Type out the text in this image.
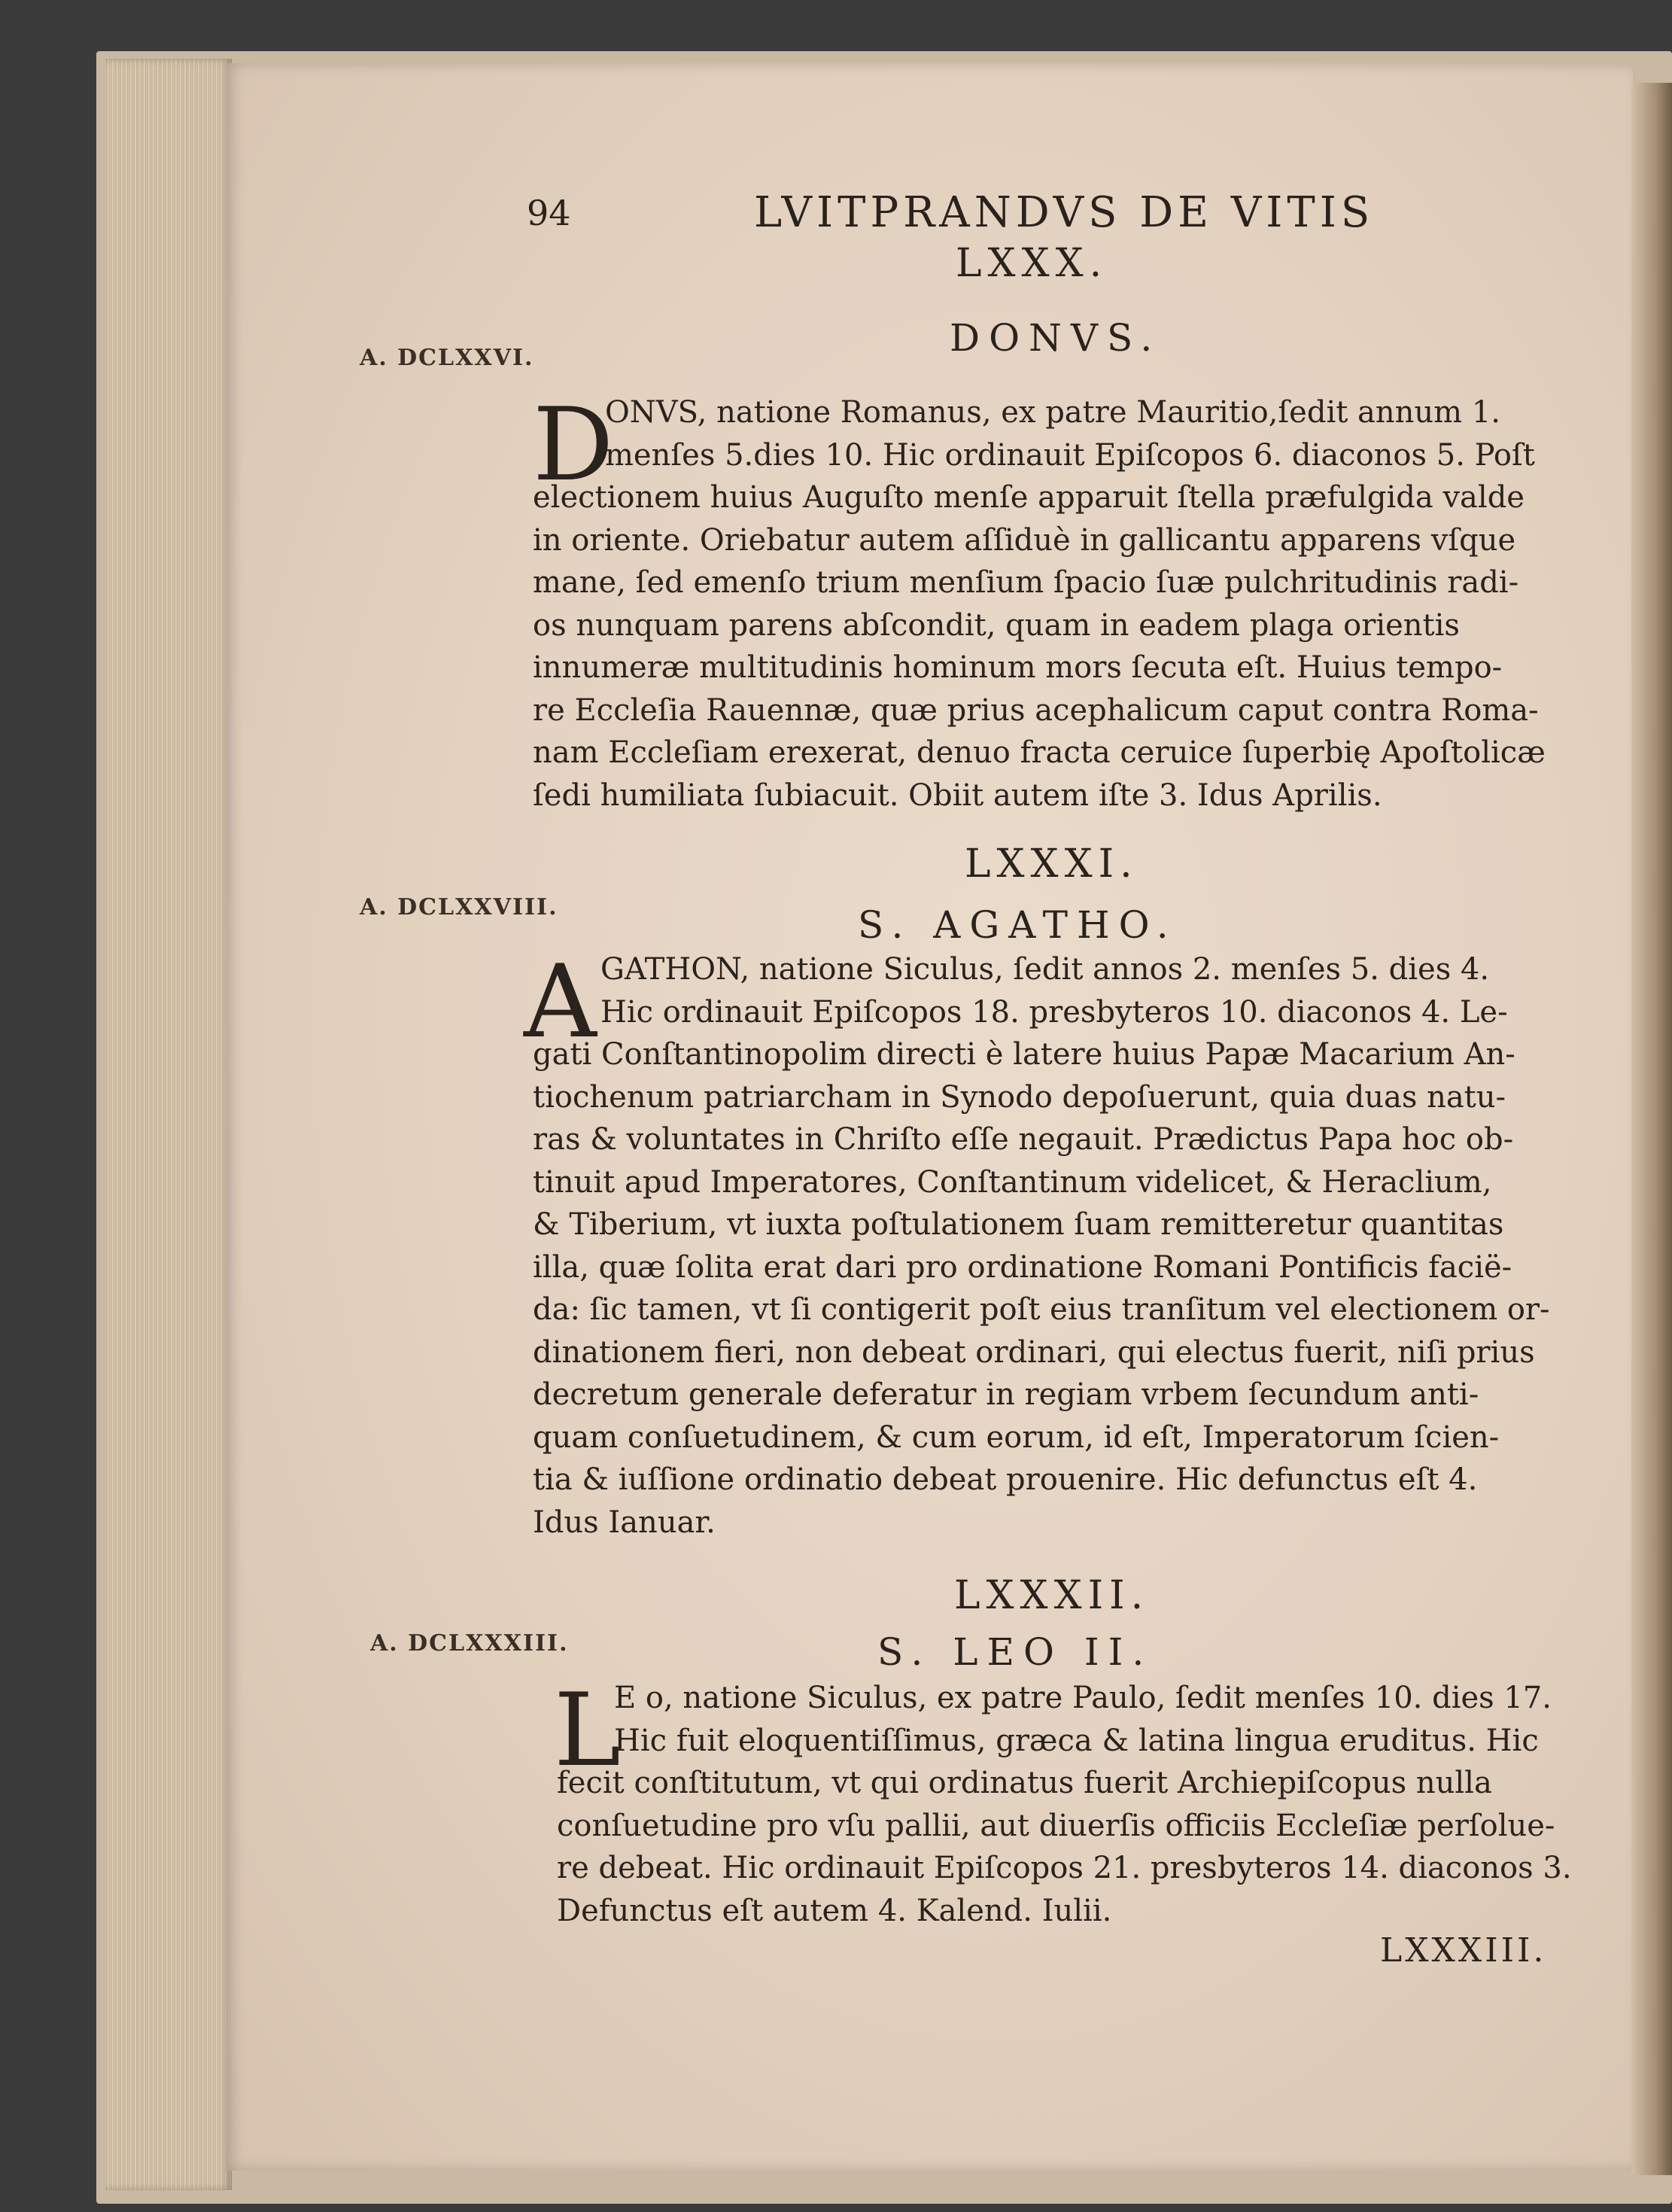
94	LVITPRANDVS DE VITIS
LXXX.
DONVS.
A. DCLXXVI.
D
ONVS, natione Romanus, ex patre Mauritio,ſedit annum 1.
menſes 5.dies 10. Hic ordinauit Epiſcopos 6. diaconos 5. Poſt
electionem huius Auguſto menſe apparuit ſtella præfulgida valde
in oriente. Oriebatur autem aſſiduè in gallicantu apparens vſque
mane, ſed emenſo trium menſium ſpacio ſuæ pulchritudinis radi-
os nunquam parens abſcondit, quam in eadem plaga orientis
innumeræ multitudinis hominum mors ſecuta eſt. Huius tempo-
re Eccleſia Rauennæ, quæ prius acephalicum caput contra Roma-
nam Eccleſiam erexerat, denuo fracta ceruice ſuperbię Apoſtolicæ
ſedi humiliata ſubiacuit. Obiit autem iſte 3. Idus Aprilis.
LXXXI.
A. DCLXXVIII.	S. AGATHO.
A GATHON, natione Siculus, ſedit annos 2. menſes 5. dies 4.
Hic ordinauit Epiſcopos 18. presbyteros 10. diaconos 4. Le-
gati Conſtantinopolim directi è latere huius Papæ Macarium An-
tiochenum patriarcham in Synodo depoſuerunt, quia duas natu-
ras & voluntates in Chriſto eſſe negauit. Prædictus Papa hoc ob-
tinuit apud Imperatores, Conſtantinum videlicet, & Heraclium,
& Tiberium, vt iuxta poſtulationem ſuam remitteretur quantitas
illa, quæ ſolita erat dari pro ordinatione Romani Pontificis facië-
da: ſic tamen, vt ſi contigerit poſt eius tranſitum vel electionem or-
dinationem fieri, non debeat ordinari, qui electus fuerit, niſi prius
decretum generale deferatur in regiam vrbem ſecundum anti-
quam conſuetudinem, & cum eorum, id eſt, Imperatorum ſcien-
tia & iuſſione ordinatio debeat prouenire. Hic defunctus eſt 4.
Idus Ianuar.
LXXXII.
A. DCLXXXIII.	S. LEO II.
L
E o, natione Siculus, ex patre Paulo, ſedit menſes 10. dies 17.
Hic fuit eloquentiſſimus, græca & latina lingua eruditus. Hic
fecit conſtitutum, vt qui ordinatus fuerit Archiepiſcopus nulla
conſuetudine pro vſu pallii, aut diuerſis officiis Eccleſiæ perſolue-
re debeat. Hic ordinauit Epiſcopos 21. presbyteros 14. diaconos 3.
Defunctus eſt autem 4. Kalend. Iulii.
LXXXIII.
